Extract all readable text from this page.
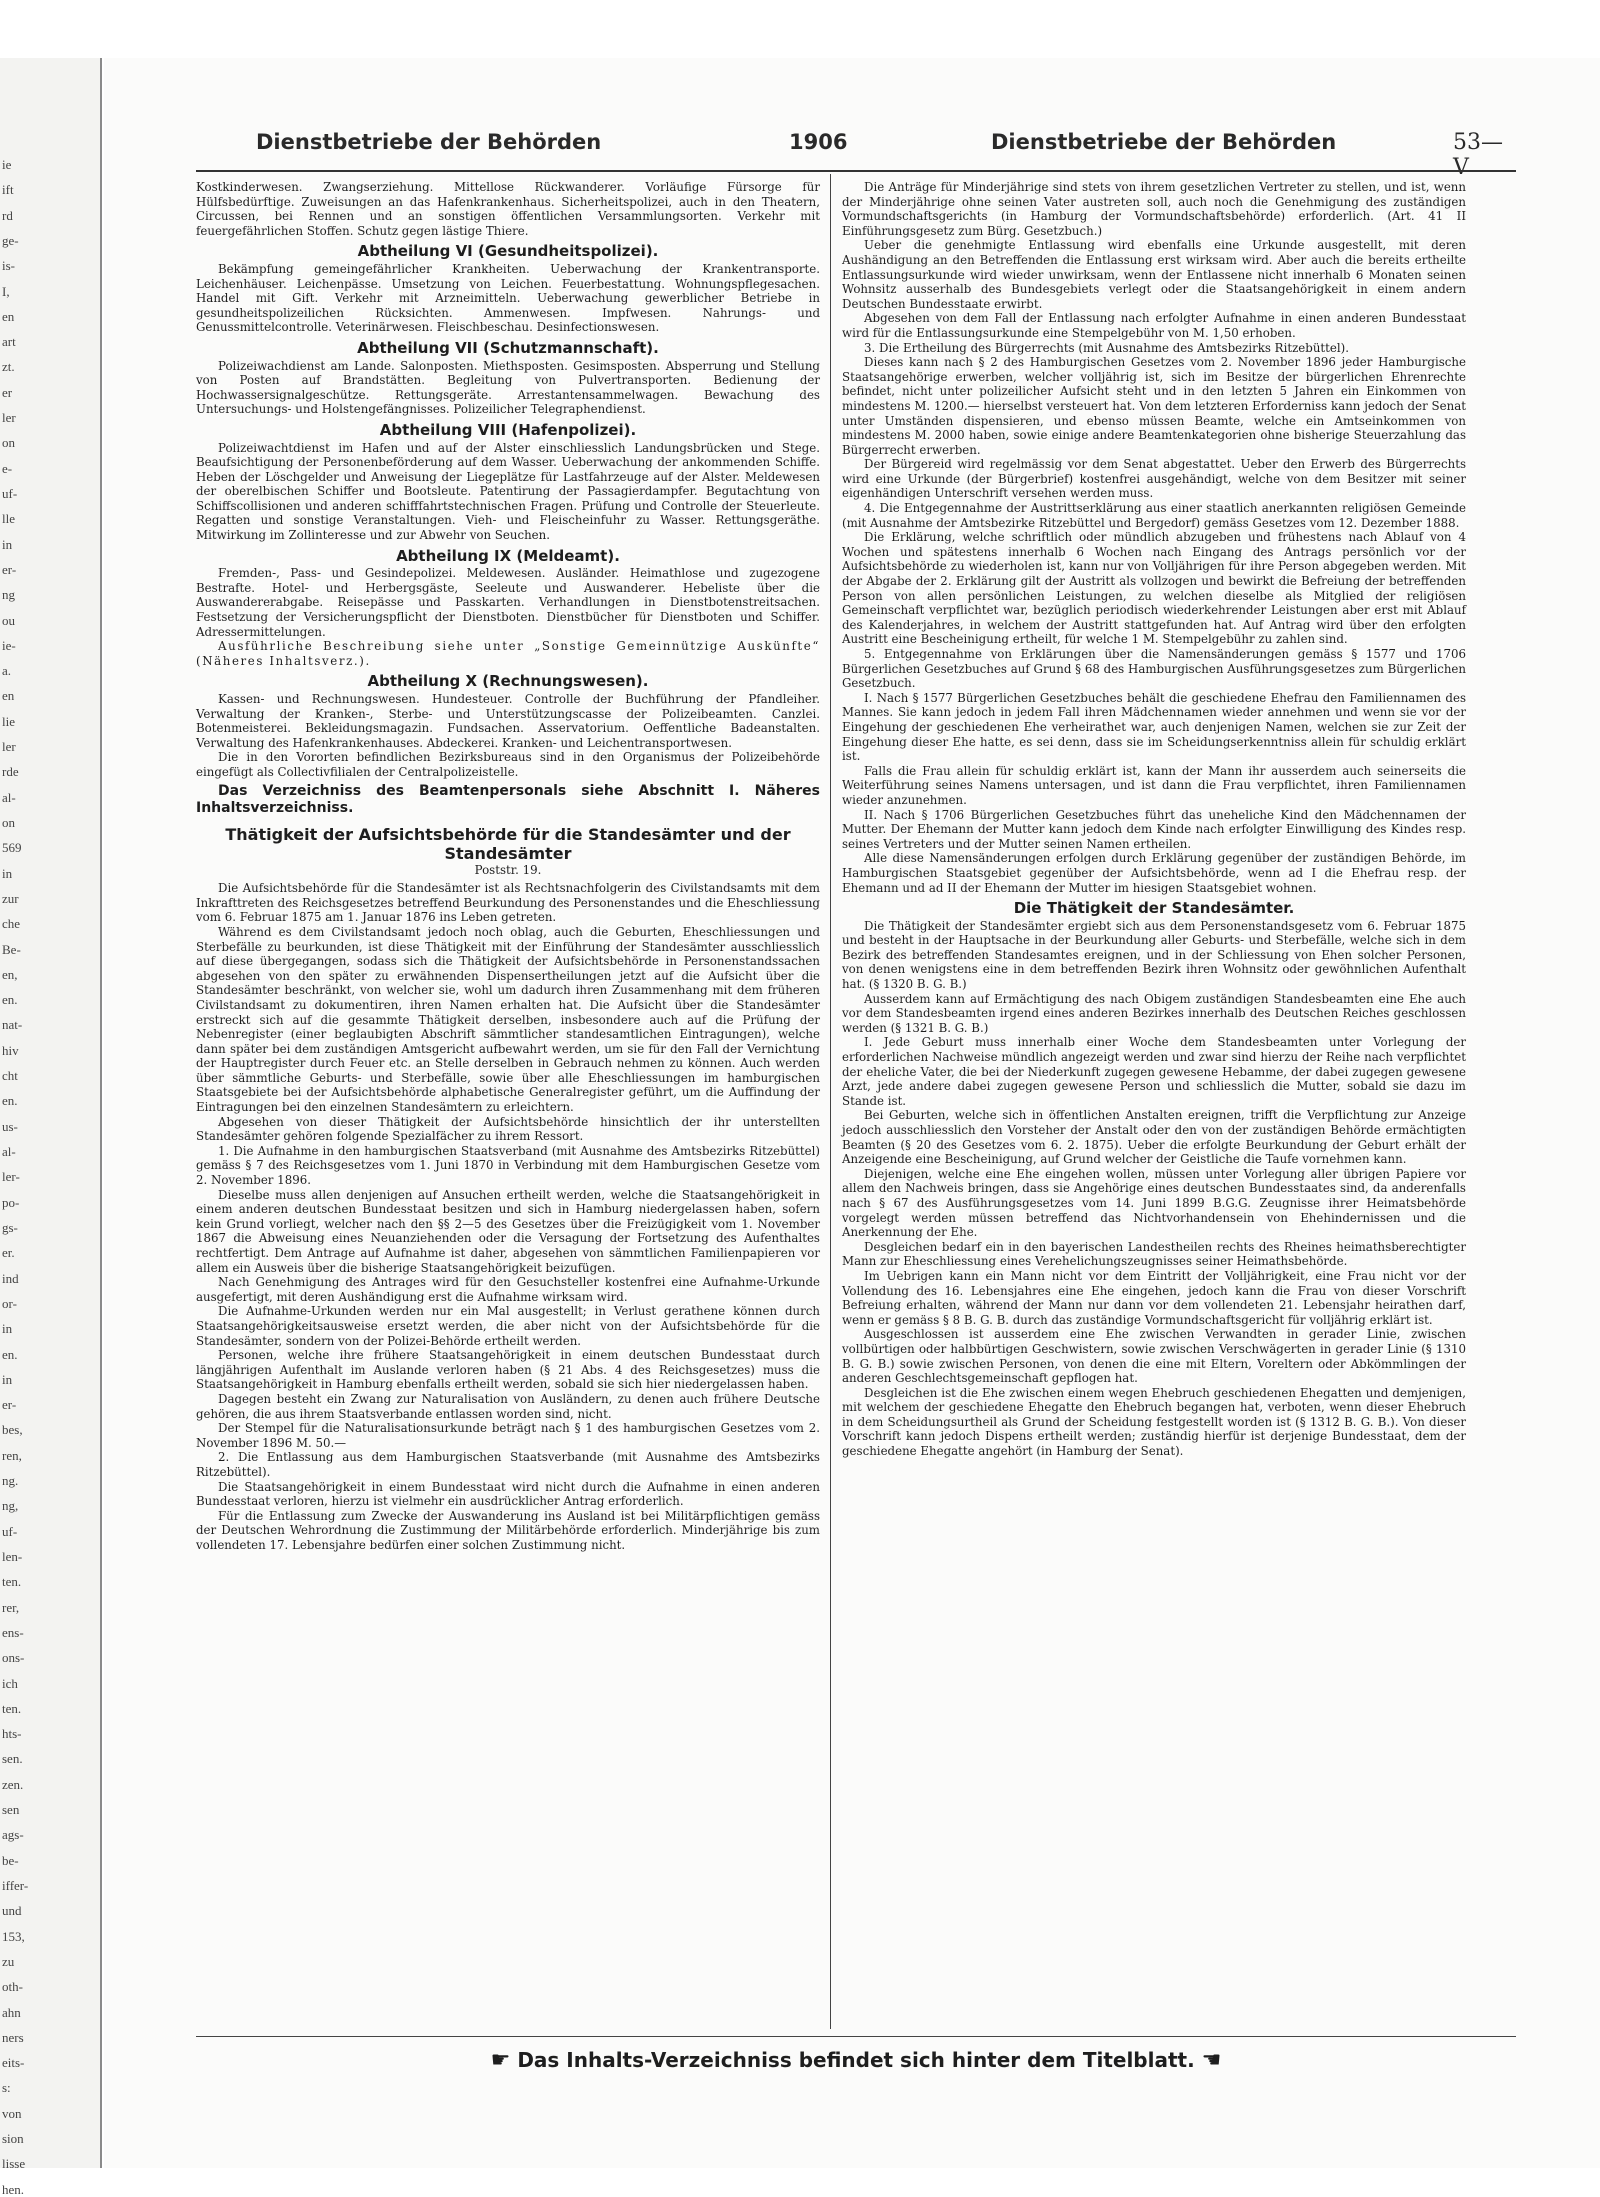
ie
ift
rd
ge-
is-
I,
en
art
zt.
er
ler
on
e-
uf-
lle
in
er-
ng
ou
ie-
a.
en
lie
ler
rde
al-
on
569
in
zur
che
Be-
en,
en.
nat-
hiv
cht
en.
us-
al-
ler-
po-
gs-
er.
ind
or-
in
en.
in
er-
bes,
ren,
ng.
ng,
uf-
len-
ten.
rer,
ens-
ons-
ich
ten.
hts-
sen.
zen.
sen
ags-
be-
iffer-
und
153,
zu
oth-
ahn
ners
eits-
s:
von
sion
lisse
hen.
Dienstbetriebe der Behörden	1906	Dienstbetriebe der Behörden	53—V

Kostkinderwesen. Zwangserziehung. Mittellose Rückwanderer. Vorläufige Fürsorge für Hülfsbedürftige. Zuweisungen an das Hafenkrankenhaus. Sicherheitspolizei, auch in den Theatern, Circussen, bei Rennen und an sonstigen öffentlichen Versammlungsorten. Verkehr mit feuergefährlichen Stoffen. Schutz gegen lästige Thiere.

Abtheilung VI (Gesundheitspolizei).

Bekämpfung gemeingefährlicher Krankheiten. Ueberwachung der Krankentransporte. Leichenhäuser. Leichenpässe. Umsetzung von Leichen. Feuerbestattung. Wohnungspflegesachen. Handel mit Gift. Verkehr mit Arzneimitteln. Ueberwachung gewerblicher Betriebe in gesundheitspolizeilichen Rücksichten. Ammenwesen. Impfwesen. Nahrungs- und Genussmittelcontrolle. Veterinärwesen. Fleischbeschau. Desinfectionswesen.

Abtheilung VII (Schutzmannschaft).

Polizeiwachdienst am Lande. Salonposten. Miethsposten. Gesimsposten. Absperrung und Stellung von Posten auf Brandstätten. Begleitung von Pulvertransporten. Bedienung der Hochwassersignalgeschütze. Rettungsgeräte. Arrestantensammelwagen. Bewachung des Untersuchungs- und Holstengefängnisses. Polizeilicher Telegraphendienst.

Abtheilung VIII (Hafenpolizei).

Polizeiwachtdienst im Hafen und auf der Alster einschliesslich Landungsbrücken und Stege. Beaufsichtigung der Personenbeförderung auf dem Wasser. Ueberwachung der ankommenden Schiffe. Heben der Löschgelder und Anweisung der Liegeplätze für Lastfahrzeuge auf der Alster. Meldewesen der oberelbischen Schiffer und Bootsleute. Patentirung der Passagierdampfer. Begutachtung von Schiffscollisionen und anderen schifffahrtstechnischen Fragen. Prüfung und Controlle der Steuerleute. Regatten und sonstige Veranstaltungen. Vieh- und Fleischeinfuhr zu Wasser. Rettungsgeräthe. Mitwirkung im Zollinteresse und zur Abwehr von Seuchen.

Abtheilung IX (Meldeamt).

Fremden-, Pass- und Gesindepolizei. Meldewesen. Ausländer. Heimathlose und zugezogene Bestrafte. Hotel- und Herbergsgäste, Seeleute und Auswanderer. Hebeliste über die Auswandererabgabe. Reisepässe und Passkarten. Verhandlungen in Dienstbotenstreitsachen. Festsetzung der Versicherungspflicht der Dienstboten. Dienstbücher für Dienstboten und Schiffer. Adressermittelungen.

Ausführliche Beschreibung siehe unter „Sonstige Gemeinnützige Auskünfte“ (Näheres Inhaltsverz.).

Abtheilung X (Rechnungswesen).

Kassen- und Rechnungswesen. Hundesteuer. Controlle der Buchführung der Pfandleiher. Verwaltung der Kranken-, Sterbe- und Unterstützungscasse der Polizeibeamten. Canzlei. Botenmeisterei. Bekleidungsmagazin. Fundsachen. Asservatorium. Oeffentliche Badeanstalten. Verwaltung des Hafenkrankenhauses. Abdeckerei. Kranken- und Leichentransportwesen.

Die in den Vororten befindlichen Bezirksbureaus sind in den Organismus der Polizeibehörde eingefügt als Collectivfilialen der Centralpolizeistelle.

Das Verzeichniss des Beamtenpersonals siehe Abschnitt I. Näheres Inhaltsverzeichniss.

Thätigkeit der Aufsichtsbehörde für die Standesämter und der Standesämter

Poststr. 19.

Die Aufsichtsbehörde für die Standesämter ist als Rechtsnachfolgerin des Civilstandsamts mit dem Inkrafttreten des Reichsgesetzes betreffend Beurkundung des Personenstandes und die Eheschliessung vom 6. Februar 1875 am 1. Januar 1876 ins Leben getreten.

Während es dem Civilstandsamt jedoch noch oblag, auch die Geburten, Eheschliessungen und Sterbefälle zu beurkunden, ist diese Thätigkeit mit der Einführung der Standesämter ausschliesslich auf diese übergegangen, sodass sich die Thätigkeit der Aufsichtsbehörde in Personenstandssachen abgesehen von den später zu erwähnenden Dispensertheilungen jetzt auf die Aufsicht über die Standesämter beschränkt, von welcher sie, wohl um dadurch ihren Zusammenhang mit dem früheren Civilstandsamt zu dokumentiren, ihren Namen erhalten hat. Die Aufsicht über die Standesämter erstreckt sich auf die gesammte Thätigkeit derselben, insbesondere auch auf die Prüfung der Nebenregister (einer beglaubigten Abschrift sämmtlicher standesamtlichen Eintragungen), welche dann später bei dem zuständigen Amtsgericht aufbewahrt werden, um sie für den Fall der Vernichtung der Hauptregister durch Feuer etc. an Stelle derselben in Gebrauch nehmen zu können. Auch werden über sämmtliche Geburts- und Sterbefälle, sowie über alle Eheschliessungen im hamburgischen Staatsgebiete bei der Aufsichtsbehörde alphabetische Generalregister geführt, um die Auffindung der Eintragungen bei den einzelnen Standesämtern zu erleichtern.

Abgesehen von dieser Thätigkeit der Aufsichtsbehörde hinsichtlich der ihr unterstellten Standesämter gehören folgende Spezialfächer zu ihrem Ressort.

1. Die Aufnahme in den hamburgischen Staatsverband (mit Ausnahme des Amtsbezirks Ritzebüttel) gemäss § 7 des Reichsgesetzes vom 1. Juni 1870 in Verbindung mit dem Hamburgischen Gesetze vom 2. November 1896.

Dieselbe muss allen denjenigen auf Ansuchen ertheilt werden, welche die Staatsangehörigkeit in einem anderen deutschen Bundesstaat besitzen und sich in Hamburg niedergelassen haben, sofern kein Grund vorliegt, welcher nach den §§ 2—5 des Gesetzes über die Freizügigkeit vom 1. November 1867 die Abweisung eines Neuanziehenden oder die Versagung der Fortsetzung des Aufenthaltes rechtfertigt. Dem Antrage auf Aufnahme ist daher, abgesehen von sämmtlichen Familienpapieren vor allem ein Ausweis über die bisherige Staatsangehörigkeit beizufügen.

Nach Genehmigung des Antrages wird für den Gesuchsteller kostenfrei eine Aufnahme-Urkunde ausgefertigt, mit deren Aushändigung erst die Aufnahme wirksam wird.

Die Aufnahme-Urkunden werden nur ein Mal ausgestellt; in Verlust gerathene können durch Staatsangehörigkeitsausweise ersetzt werden, die aber nicht von der Aufsichtsbehörde für die Standesämter, sondern von der Polizei-Behörde ertheilt werden.

Personen, welche ihre frühere Staatsangehörigkeit in einem deutschen Bundesstaat durch längjährigen Aufenthalt im Auslande verloren haben (§ 21 Abs. 4 des Reichsgesetzes) muss die Staatsangehörigkeit in Hamburg ebenfalls ertheilt werden, sobald sie sich hier niedergelassen haben.

Dagegen besteht ein Zwang zur Naturalisation von Ausländern, zu denen auch frühere Deutsche gehören, die aus ihrem Staatsverbande entlassen worden sind, nicht.

Der Stempel für die Naturalisationsurkunde beträgt nach § 1 des hamburgischen Gesetzes vom 2. November 1896 M. 50.—

2. Die Entlassung aus dem Hamburgischen Staatsverbande (mit Ausnahme des Amtsbezirks Ritzebüttel).

Die Staatsangehörigkeit in einem Bundesstaat wird nicht durch die Aufnahme in einen anderen Bundesstaat verloren, hierzu ist vielmehr ein ausdrücklicher Antrag erforderlich.

Für die Entlassung zum Zwecke der Auswanderung ins Ausland ist bei Militärpflichtigen gemäss der Deutschen Wehrordnung die Zustimmung der Militärbehörde erforderlich. Minderjährige bis zum vollendeten 17. Lebensjahre bedürfen einer solchen Zustimmung nicht.

Die Anträge für Minderjährige sind stets von ihrem gesetzlichen Vertreter zu stellen, und ist, wenn der Minderjährige ohne seinen Vater austreten soll, auch noch die Genehmigung des zuständigen Vormundschaftsgerichts (in Hamburg der Vormundschaftsbehörde) erforderlich. (Art. 41 II Einführungsgesetz zum Bürg. Gesetzbuch.)

Ueber die genehmigte Entlassung wird ebenfalls eine Urkunde ausgestellt, mit deren Aushändigung an den Betreffenden die Entlassung erst wirksam wird. Aber auch die bereits ertheilte Entlassungsurkunde wird wieder unwirksam, wenn der Entlassene nicht innerhalb 6 Monaten seinen Wohnsitz ausserhalb des Bundesgebiets verlegt oder die Staatsangehörigkeit in einem andern Deutschen Bundesstaate erwirbt.

Abgesehen von dem Fall der Entlassung nach erfolgter Aufnahme in einen anderen Bundesstaat wird für die Entlassungsurkunde eine Stempelgebühr von M. 1,50 erhoben.

3. Die Ertheilung des Bürgerrechts (mit Ausnahme des Amtsbezirks Ritzebüttel).

Dieses kann nach § 2 des Hamburgischen Gesetzes vom 2. November 1896 jeder Hamburgische Staatsangehörige erwerben, welcher volljährig ist, sich im Besitze der bürgerlichen Ehrenrechte befindet, nicht unter polizeilicher Aufsicht steht und in den letzten 5 Jahren ein Einkommen von mindestens M. 1200.— hierselbst versteuert hat. Von dem letzteren Erforderniss kann jedoch der Senat unter Umständen dispensieren, und ebenso müssen Beamte, welche ein Amtseinkommen von mindestens M. 2000 haben, sowie einige andere Beamtenkategorien ohne bisherige Steuerzahlung das Bürgerrecht erwerben.

Der Bürgereid wird regelmässig vor dem Senat abgestattet. Ueber den Erwerb des Bürgerrechts wird eine Urkunde (der Bürgerbrief) kostenfrei ausgehändigt, welche von dem Besitzer mit seiner eigenhändigen Unterschrift versehen werden muss.

4. Die Entgegennahme der Austrittserklärung aus einer staatlich anerkannten religiösen Gemeinde (mit Ausnahme der Amtsbezirke Ritzebüttel und Bergedorf) gemäss Gesetzes vom 12. Dezember 1888.

Die Erklärung, welche schriftlich oder mündlich abzugeben und frühestens nach Ablauf von 4 Wochen und spätestens innerhalb 6 Wochen nach Eingang des Antrags persönlich vor der Aufsichtsbehörde zu wiederholen ist, kann nur von Volljährigen für ihre Person abgegeben werden. Mit der Abgabe der 2. Erklärung gilt der Austritt als vollzogen und bewirkt die Befreiung der betreffenden Person von allen persönlichen Leistungen, zu welchen dieselbe als Mitglied der religiösen Gemeinschaft verpflichtet war, bezüglich periodisch wiederkehrender Leistungen aber erst mit Ablauf des Kalenderjahres, in welchem der Austritt stattgefunden hat. Auf Antrag wird über den erfolgten Austritt eine Bescheinigung ertheilt, für welche 1 M. Stempelgebühr zu zahlen sind.

5. Entgegennahme von Erklärungen über die Namensänderungen gemäss § 1577 und 1706 Bürgerlichen Gesetzbuches auf Grund § 68 des Hamburgischen Ausführungsgesetzes zum Bürgerlichen Gesetzbuch.

I. Nach § 1577 Bürgerlichen Gesetzbuches behält die geschiedene Ehefrau den Familiennamen des Mannes. Sie kann jedoch in jedem Fall ihren Mädchennamen wieder annehmen und wenn sie vor der Eingehung der geschiedenen Ehe verheirathet war, auch denjenigen Namen, welchen sie zur Zeit der Eingehung dieser Ehe hatte, es sei denn, dass sie im Scheidungserkenntniss allein für schuldig erklärt ist.

Falls die Frau allein für schuldig erklärt ist, kann der Mann ihr ausserdem auch seinerseits die Weiterführung seines Namens untersagen, und ist dann die Frau verpflichtet, ihren Familiennamen wieder anzunehmen.

II. Nach § 1706 Bürgerlichen Gesetzbuches führt das uneheliche Kind den Mädchennamen der Mutter. Der Ehemann der Mutter kann jedoch dem Kinde nach erfolgter Einwilligung des Kindes resp. seines Vertreters und der Mutter seinen Namen ertheilen.

Alle diese Namensänderungen erfolgen durch Erklärung gegenüber der zuständigen Behörde, im Hamburgischen Staatsgebiet gegenüber der Aufsichtsbehörde, wenn ad I die Ehefrau resp. der Ehemann und ad II der Ehemann der Mutter im hiesigen Staatsgebiet wohnen.

Die Thätigkeit der Standesämter.

Die Thätigkeit der Standesämter ergiebt sich aus dem Personenstandsgesetz vom 6. Februar 1875 und besteht in der Hauptsache in der Beurkundung aller Geburts- und Sterbefälle, welche sich in dem Bezirk des betreffenden Standesamtes ereignen, und in der Schliessung von Ehen solcher Personen, von denen wenigstens eine in dem betreffenden Bezirk ihren Wohnsitz oder gewöhnlichen Aufenthalt hat. (§ 1320 B. G. B.)

Ausserdem kann auf Ermächtigung des nach Obigem zuständigen Standesbeamten eine Ehe auch vor dem Standesbeamten irgend eines anderen Bezirkes innerhalb des Deutschen Reiches geschlossen werden (§ 1321 B. G. B.)

I. Jede Geburt muss innerhalb einer Woche dem Standesbeamten unter Vorlegung der erforderlichen Nachweise mündlich angezeigt werden und zwar sind hierzu der Reihe nach verpflichtet der eheliche Vater, die bei der Niederkunft zugegen gewesene Hebamme, der dabei zugegen gewesene Arzt, jede andere dabei zugegen gewesene Person und schliesslich die Mutter, sobald sie dazu im Stande ist.

Bei Geburten, welche sich in öffentlichen Anstalten ereignen, trifft die Verpflichtung zur Anzeige jedoch ausschliesslich den Vorsteher der Anstalt oder den von der zuständigen Behörde ermächtigten Beamten (§ 20 des Gesetzes vom 6. 2. 1875). Ueber die erfolgte Beurkundung der Geburt erhält der Anzeigende eine Bescheinigung, auf Grund welcher der Geistliche die Taufe vornehmen kann.

Diejenigen, welche eine Ehe eingehen wollen, müssen unter Vorlegung aller übrigen Papiere vor allem den Nachweis bringen, dass sie Angehörige eines deutschen Bundesstaates sind, da anderenfalls nach § 67 des Ausführungsgesetzes vom 14. Juni 1899 B.G.G. Zeugnisse ihrer Heimatsbehörde vorgelegt werden müssen betreffend das Nichtvorhandensein von Ehehindernissen und die Anerkennung der Ehe.

Desgleichen bedarf ein in den bayerischen Landestheilen rechts des Rheines heimathsberechtigter Mann zur Eheschliessung eines Verehelichungszeugnisses seiner Heimathsbehörde.

Im Uebrigen kann ein Mann nicht vor dem Eintritt der Volljährigkeit, eine Frau nicht vor der Vollendung des 16. Lebensjahres eine Ehe eingehen, jedoch kann die Frau von dieser Vorschrift Befreiung erhalten, während der Mann nur dann vor dem vollendeten 21. Lebensjahr heirathen darf, wenn er gemäss § 8 B. G. B. durch das zuständige Vormundschaftsgericht für volljährig erklärt ist.

Ausgeschlossen ist ausserdem eine Ehe zwischen Verwandten in gerader Linie, zwischen vollbürtigen oder halbbürtigen Geschwistern, sowie zwischen Verschwägerten in gerader Linie (§ 1310 B. G. B.) sowie zwischen Personen, von denen die eine mit Eltern, Voreltern oder Abkömmlingen der anderen Geschlechtsgemeinschaft gepflogen hat.

Desgleichen ist die Ehe zwischen einem wegen Ehebruch geschiedenen Ehegatten und demjenigen, mit welchem der geschiedene Ehegatte den Ehebruch begangen hat, verboten, wenn dieser Ehebruch in dem Scheidungsurtheil als Grund der Scheidung festgestellt worden ist (§ 1312 B. G. B.). Von dieser Vorschrift kann jedoch Dispens ertheilt werden; zuständig hierfür ist derjenige Bundesstaat, dem der geschiedene Ehegatte angehört (in Hamburg der Senat).

☛ Das Inhalts-Verzeichniss befindet sich hinter dem Titelblatt. ☚
